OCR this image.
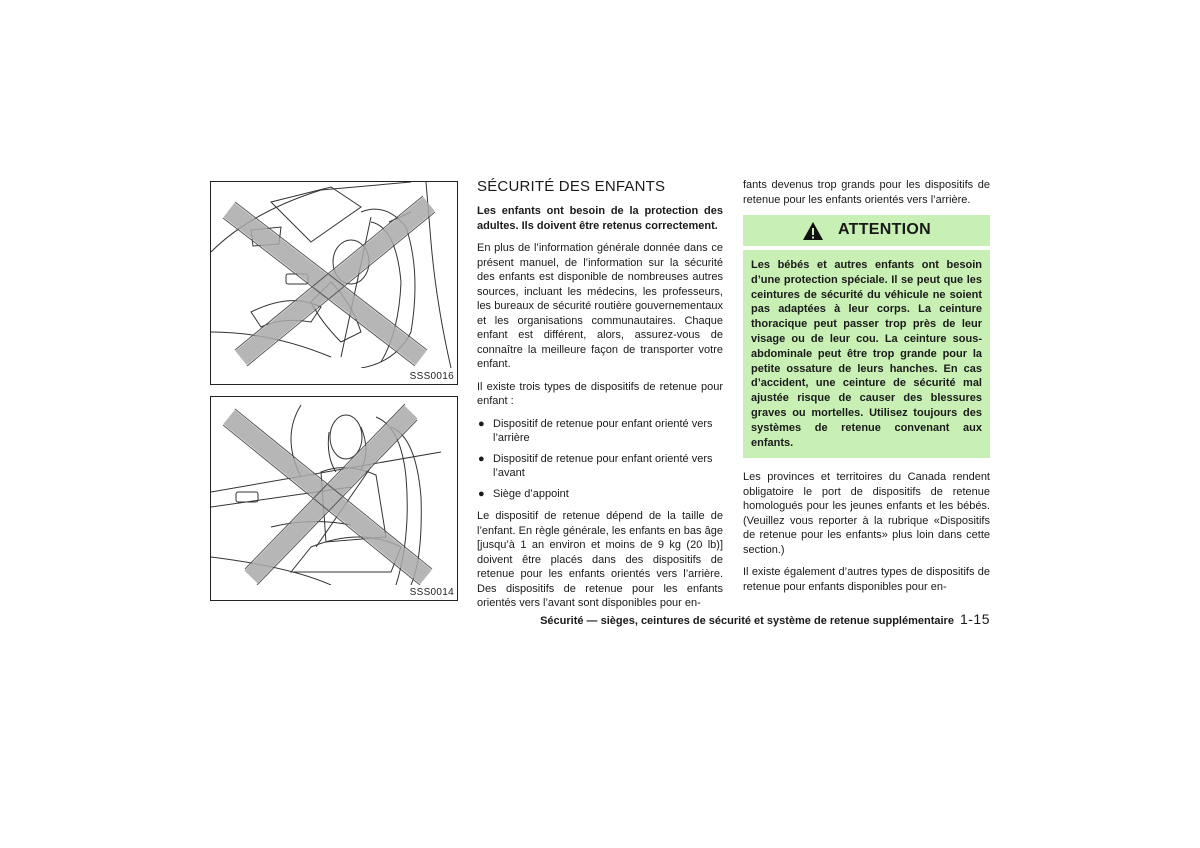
SSS0016
SSS0014
SÉCURITÉ DES ENFANTS

Les enfants ont besoin de la protection des adultes. Ils doivent être retenus correctement.

En plus de l’information générale donnée dans ce présent manuel, de l’information sur la sécurité des enfants est disponible de nombreuses autres sources, incluant les médecins, les professeurs, les bureaux de sécurité routière gouvernementaux et les organisations communautaires. Chaque enfant est différent, alors, assurez-vous de connaître la meilleure façon de transporter votre enfant.

Il existe trois types de dispositifs de retenue pour enfant :

● Dispositif de retenue pour enfant orienté vers l’arrière
● Dispositif de retenue pour enfant orienté vers l’avant
● Siège d’appoint

Le dispositif de retenue dépend de la taille de l’enfant. En règle générale, les enfants en bas âge [jusqu’à 1 an environ et moins de 9 kg (20 lb)] doivent être placés dans des dispositifs de retenue pour les enfants orientés vers l’arrière. Des dispositifs de retenue pour les enfants orientés vers l’avant sont disponibles pour en-

fants devenus trop grands pour les dispositifs de retenue pour les enfants orientés vers l’arrière.

ATTENTION
Les bébés et autres enfants ont besoin d’une protection spéciale. Il se peut que les ceintures de sécurité du véhicule ne soient pas adaptées à leur corps. La ceinture thoracique peut passer trop près de leur visage ou de leur cou. La ceinture sous-abdominale peut être trop grande pour la petite ossature de leurs hanches. En cas d’accident, une ceinture de sécurité mal ajustée risque de causer des blessures graves ou mortelles. Utilisez toujours des systèmes de retenue convenant aux enfants.

Les provinces et territoires du Canada rendent obligatoire le port de dispositifs de retenue homologués pour les jeunes enfants et les bébés. (Veuillez vous reporter à la rubrique «Dispositifs de retenue pour les enfants» plus loin dans cette section.)

Il existe également d’autres types de dispositifs de retenue pour enfants disponibles pour en-

Sécurité — sièges, ceintures de sécurité et système de retenue supplémentaire 1-15
